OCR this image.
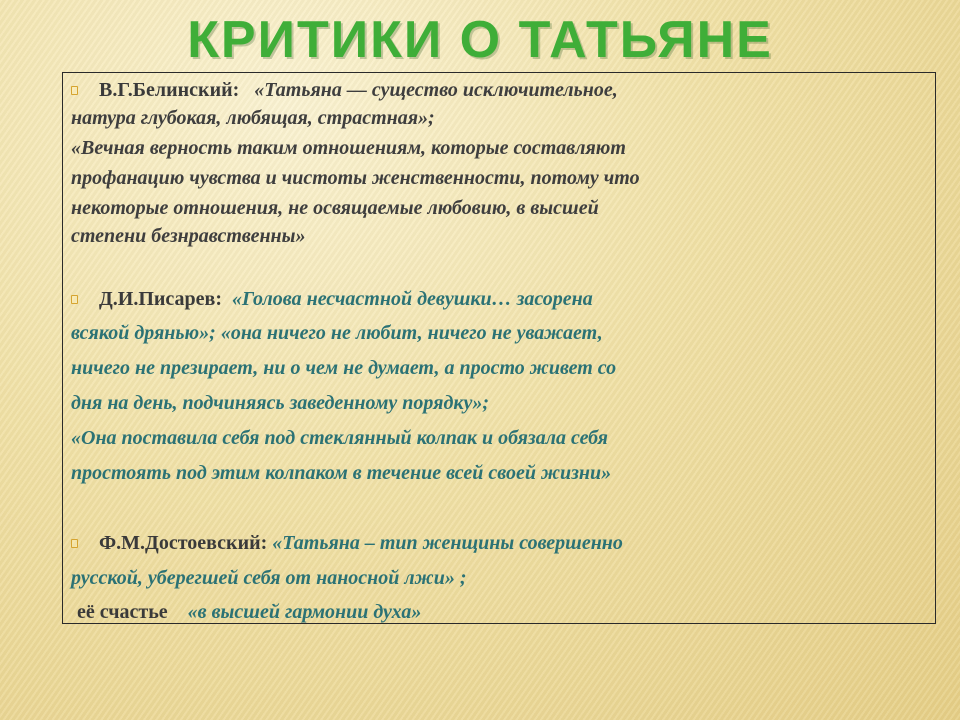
КРИТИКИ О ТАТЬЯНЕ
В.Г.Белинский: «Татьяна — существо исключительное,
натура глубокая, любящая, страстная»;
«Вечная верность таким отношениям, которые составляют
профанацию чувства и чистоты женственности, потому что
некоторые отношения, не освящаемые любовию, в высшей
степени безнравственны»
Д.И.Писарев: «Голова несчастной девушки… засорена
всякой дрянью»; «она ничего не любит, ничего не уважает,
ничего не презирает, ни о чем не думает, а просто живет со
дня на день, подчиняясь заведенному порядку»;
«Она поставила себя под стеклянный колпак и обязала себя
простоять под этим колпаком в течение всей своей жизни»
Ф.М.Достоевский: «Татьяна – тип женщины совершенно
русской, уберегшей себя от наносной лжи» ;
её счастье «в высшей гармонии духа»
